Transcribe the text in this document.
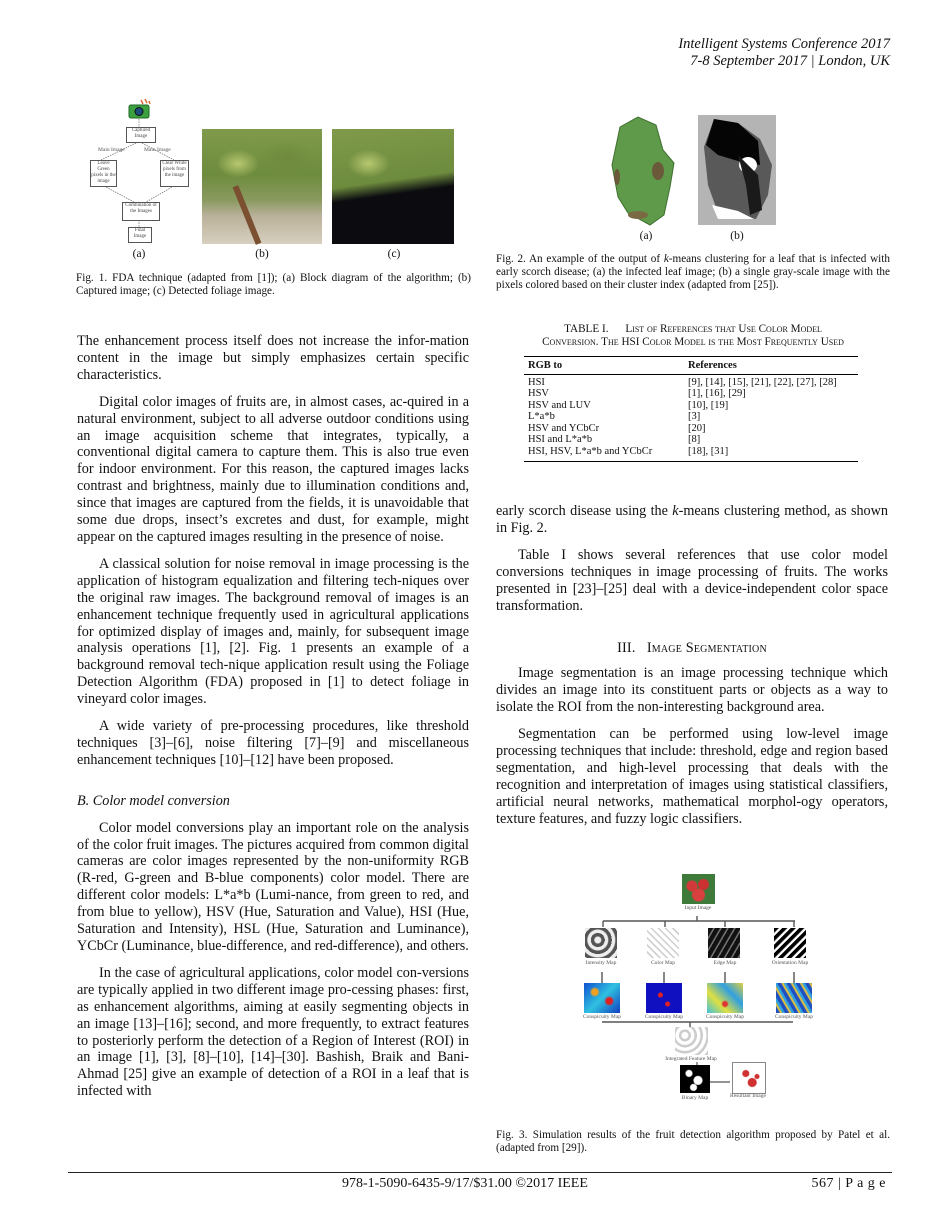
Intelligent Systems Conference 2017
7-8 September 2017 | London, UK
Captured Image
Main Image	Main Image
Leave Green pixels in the image
Clear White pixels from the image
Combination of the Images
Final Image
(a)	(b)	(c)
Fig. 1. FDA technique (adapted from [1]); (a) Block diagram of the algorithm; (b) Captured image; (c) Detected foliage image.
(a)	(b)
Fig. 2. An example of the output of k-means clustering for a leaf that is infected with early scorch disease; (a) the infected leaf image; (b) a single gray-scale image with the pixels colored based on their cluster index (adapted from [25]).
TABLE I.      List of References that Use Color Model
Conversion. The HSI Color Model is the Most Frequently Used
RGB to	References
HSI	[9], [14], [15], [21], [22], [27], [28]
HSV	[1], [16], [29]
HSV and LUV	[10], [19]
L*a*b	[3]
HSV and YCbCr	[20]
HSI and L*a*b	[8]
HSI, HSV, L*a*b and YCbCr	[18], [31]

The enhancement process itself does not increase the infor-mation content in the image but simply emphasizes certain specific characteristics.

Digital color images of fruits are, in almost cases, ac-quired in a natural environment, subject to all adverse outdoor conditions using an image acquisition scheme that integrates, typically, a conventional digital camera to capture them. This is also true even for indoor environment. For this reason, the captured images lacks contrast and brightness, mainly due to illumination conditions and, since that images are captured from the fields, it is unavoidable that some due drops, insect’s excretes and dust, for example, might appear on the captured images resulting in the presence of noise.

A classical solution for noise removal in image processing is the application of histogram equalization and filtering tech-niques over the original raw images. The background removal of images is an enhancement technique frequently used in agricultural applications for optimized display of images and, mainly, for subsequent image analysis operations [1], [2]. Fig. 1 presents an example of a background removal tech-nique application result using the Foliage Detection Algorithm (FDA) proposed in [1] to detect foliage in vineyard color images.

A wide variety of pre-processing procedures, like threshold techniques [3]–[6], noise filtering [7]–[9] and miscellaneous enhancement techniques [10]–[12] have been proposed.

B. Color model conversion

Color model conversions play an important role on the analysis of the color fruit images. The pictures acquired from common digital cameras are color images represented by the non-uniformity RGB (R-red, G-green and B-blue components) color model. There are different color models: L*a*b (Lumi-nance, from green to red, and from blue to yellow), HSV (Hue, Saturation and Value), HSI (Hue, Saturation and Intensity), HSL (Hue, Saturation and Luminance), YCbCr (Luminance, blue-difference, and red-difference), and others.

In the case of agricultural applications, color model con-versions are typically applied in two different image pro-cessing phases: first, as enhancement algorithms, aiming at easily segmenting objects in an image [13]–[16]; second, and more frequently, to extract features to posteriorly perform the detection of a Region of Interest (ROI) in an image [1], [3], [8]–[10], [14]–[30]. Bashish, Braik and Bani-Ahmad [25] give an example of detection of a ROI in a leaf that is infected with

early scorch disease using the k-means clustering method, as shown in Fig. 2.

Table I shows several references that use color model conversions techniques in image processing of fruits. The works presented in [23]–[25] deal with a device-independent color space transformation.

III.   Image Segmentation

Image segmentation is an image processing technique which divides an image into its constituent parts or objects as a way to isolate the ROI from the non-interesting background area.

Segmentation can be performed using low-level image processing techniques that include: threshold, edge and region based segmentation, and high-level processing that deals with the recognition and interpretation of images using statistical classifiers, artificial neural networks, mathematical morphol-ogy operators, texture features, and fuzzy logic classifiers.

Input Image
Intensity Map	Color Map	Edge Map	Orientation Map
Conspicuity Map	Conspicuity Map	Conspicuity Map	Conspicuity Map
Integrated Feature Map
Binary Map	Resultant Image
Fig. 3. Simulation results of the fruit detection algorithm proposed by Patel et al. (adapted from [29]).
978-1-5090-6435-9/17/$31.00 ©2017 IEEE	567 | P a g e
